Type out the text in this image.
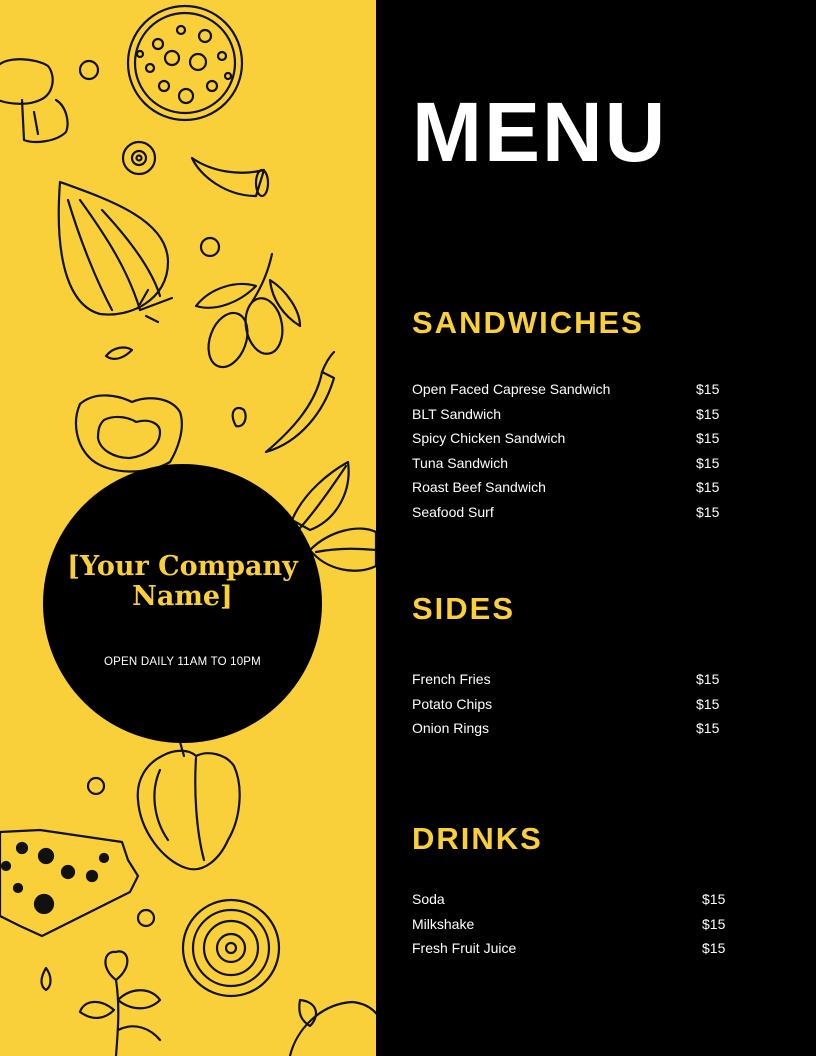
[Your Company Name]
OPEN DAILY 11AM TO 10PM
MENU
SANDWICHES
Open Faced Caprese Sandwich	$15
BLT Sandwich	$15
Spicy Chicken Sandwich	$15
Tuna Sandwich	$15
Roast Beef Sandwich	$15
Seafood Surf	$15
SIDES
French Fries	$15
Potato Chips	$15
Onion Rings	$15
DRINKS
Soda	$15
Milkshake	$15
Fresh Fruit Juice	$15
